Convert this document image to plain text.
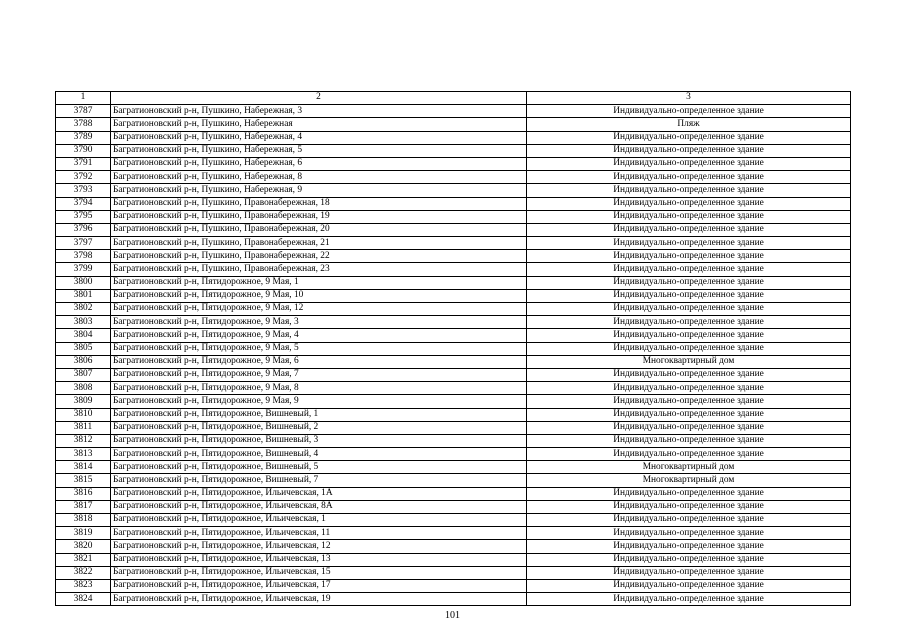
1	2	3
3787	Багратионовский р-н, Пушкино, Набережная, 3	Индивидуально-определенное здание
3788	Багратионовский р-н, Пушкино, Набережная	Пляж
3789	Багратионовский р-н, Пушкино, Набережная, 4	Индивидуально-определенное здание
3790	Багратионовский р-н, Пушкино, Набережная, 5	Индивидуально-определенное здание
3791	Багратионовский р-н, Пушкино, Набережная, 6	Индивидуально-определенное здание
3792	Багратионовский р-н, Пушкино, Набережная, 8	Индивидуально-определенное здание
3793	Багратионовский р-н, Пушкино, Набережная, 9	Индивидуально-определенное здание
3794	Багратионовский р-н, Пушкино, Правонабережная, 18	Индивидуально-определенное здание
3795	Багратионовский р-н, Пушкино, Правонабережная, 19	Индивидуально-определенное здание
3796	Багратионовский р-н, Пушкино, Правонабережная, 20	Индивидуально-определенное здание
3797	Багратионовский р-н, Пушкино, Правонабережная, 21	Индивидуально-определенное здание
3798	Багратионовский р-н, Пушкино, Правонабережная, 22	Индивидуально-определенное здание
3799	Багратионовский р-н, Пушкино, Правонабережная, 23	Индивидуально-определенное здание
3800	Багратионовский р-н, Пятидорожное, 9 Мая, 1	Индивидуально-определенное здание
3801	Багратионовский р-н, Пятидорожное, 9 Мая, 10	Индивидуально-определенное здание
3802	Багратионовский р-н, Пятидорожное, 9 Мая, 12	Индивидуально-определенное здание
3803	Багратионовский р-н, Пятидорожное, 9 Мая, 3	Индивидуально-определенное здание
3804	Багратионовский р-н, Пятидорожное, 9 Мая, 4	Индивидуально-определенное здание
3805	Багратионовский р-н, Пятидорожное, 9 Мая, 5	Индивидуально-определенное здание
3806	Багратионовский р-н, Пятидорожное, 9 Мая, 6	Многоквартирный дом
3807	Багратионовский р-н, Пятидорожное, 9 Мая, 7	Индивидуально-определенное здание
3808	Багратионовский р-н, Пятидорожное, 9 Мая, 8	Индивидуально-определенное здание
3809	Багратионовский р-н, Пятидорожное, 9 Мая, 9	Индивидуально-определенное здание
3810	Багратионовский р-н, Пятидорожное, Вишневый, 1	Индивидуально-определенное здание
3811	Багратионовский р-н, Пятидорожное, Вишневый, 2	Индивидуально-определенное здание
3812	Багратионовский р-н, Пятидорожное, Вишневый, 3	Индивидуально-определенное здание
3813	Багратионовский р-н, Пятидорожное, Вишневый, 4	Индивидуально-определенное здание
3814	Багратионовский р-н, Пятидорожное, Вишневый, 5	Многоквартирный дом
3815	Багратионовский р-н, Пятидорожное, Вишневый, 7	Многоквартирный дом
3816	Багратионовский р-н, Пятидорожное, Ильичевская, 1А	Индивидуально-определенное здание
3817	Багратионовский р-н, Пятидорожное, Ильичевская, 8А	Индивидуально-определенное здание
3818	Багратионовский р-н, Пятидорожное, Ильичевская, 1	Индивидуально-определенное здание
3819	Багратионовский р-н, Пятидорожное, Ильичевская, 11	Индивидуально-определенное здание
3820	Багратионовский р-н, Пятидорожное, Ильичевская, 12	Индивидуально-определенное здание
3821	Багратионовский р-н, Пятидорожное, Ильичевская, 13	Индивидуально-определенное здание
3822	Багратионовский р-н, Пятидорожное, Ильичевская, 15	Индивидуально-определенное здание
3823	Багратионовский р-н, Пятидорожное, Ильичевская, 17	Индивидуально-определенное здание
3824	Багратионовский р-н, Пятидорожное, Ильичевская, 19	Индивидуально-определенное здание
101
